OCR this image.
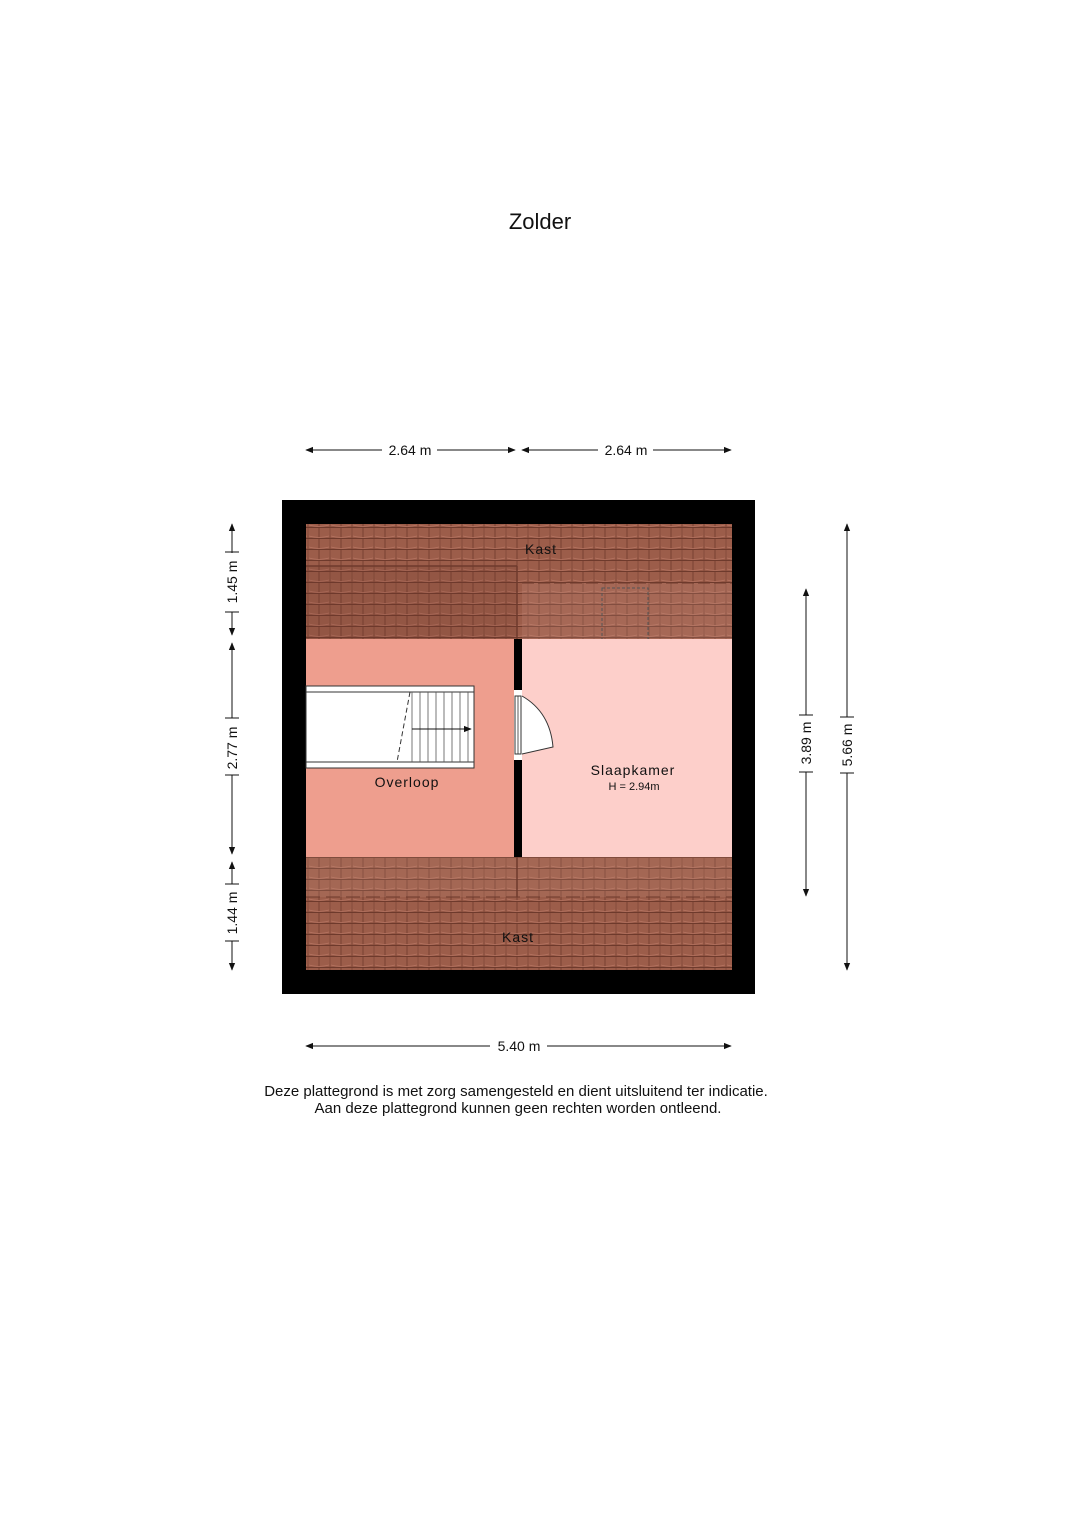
Zolder
2.64 m	2.64 m
Kast
Kast
Overloop
Slaapkamer
H = 2.94m
1.45 m
2.77 m
1.44 m
3.89 m 5.66 m
5.40 m
Deze plattegrond is met zorg samengesteld en dient uitsluitend ter indicatie.
Aan deze plattegrond kunnen geen rechten worden ontleend.
